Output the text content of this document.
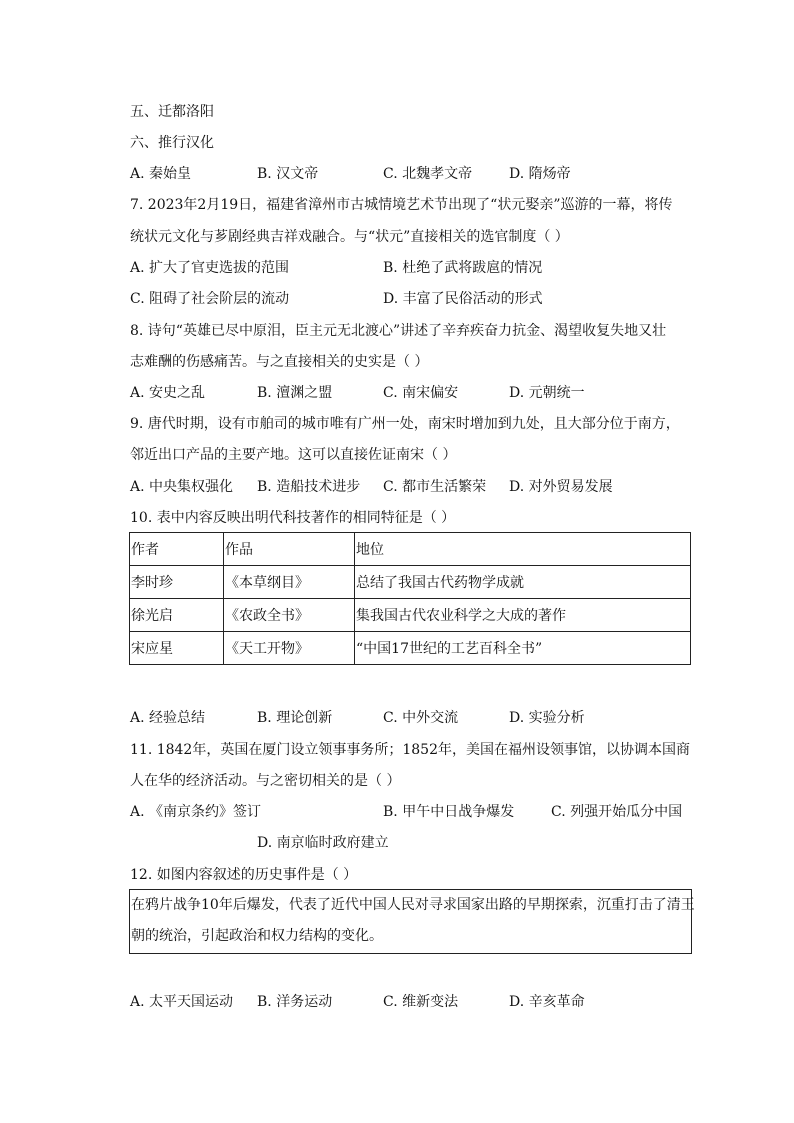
五、迁都洛阳
六、推行汉化
A. 秦始皇	B. 汉文帝	C. 北魏孝文帝	D. 隋炀帝
7. 2023年2月19日，福建省漳州市古城情境艺术节出现了“状元娶亲”巡游的一幕，将传
统状元文化与芗剧经典吉祥戏融合。与“状元”直接相关的选官制度（ ）
A. 扩大了官吏选拔的范围	B. 杜绝了武将跋扈的情况
C. 阻碍了社会阶层的流动	D. 丰富了民俗活动的形式
8. 诗句“英雄已尽中原泪，臣主元无北渡心”讲述了辛弃疾奋力抗金、渴望收复失地又壮
志难酬的伤感痛苦。与之直接相关的史实是（ ）
A. 安史之乱	B. 澶渊之盟	C. 南宋偏安	D. 元朝统一
9. 唐代时期，设有市舶司的城市唯有广州一处，南宋时增加到九处，且大部分位于南方，
邻近出口产品的主要产地。这可以直接佐证南宋（ ）
A. 中央集权强化 B. 造船技术进步 C. 都市生活繁荣 D. 对外贸易发展
10. 表中内容反映出明代科技著作的相同特征是（ ）
作者	作品	地位
李时珍	《本草纲目》	总结了我国古代药物学成就
徐光启	《农政全书》	集我国古代农业科学之大成的著作
宋应星	《天工开物》	“中国17世纪的工艺百科全书”
A. 经验总结	B. 理论创新	C. 中外交流	D. 实验分析
11. 1842年，英国在厦门设立领事事务所；1852年，美国在福州设领事馆，以协调本国商
人在华的经济活动。与之密切相关的是（ ）
A. 《南京条约》签订	B. 甲午中日战争爆发	C. 列强开始瓜分中国
D. 南京临时政府建立
12. 如图内容叙述的历史事件是（ ）
在鸦片战争10年后爆发，代表了近代中国人民对寻求国家出路的早期探索，沉重打击了清王
朝的统治，引起政治和权力结构的变化。
A. 太平天国运动 B. 洋务运动	C. 维新变法	D. 辛亥革命
